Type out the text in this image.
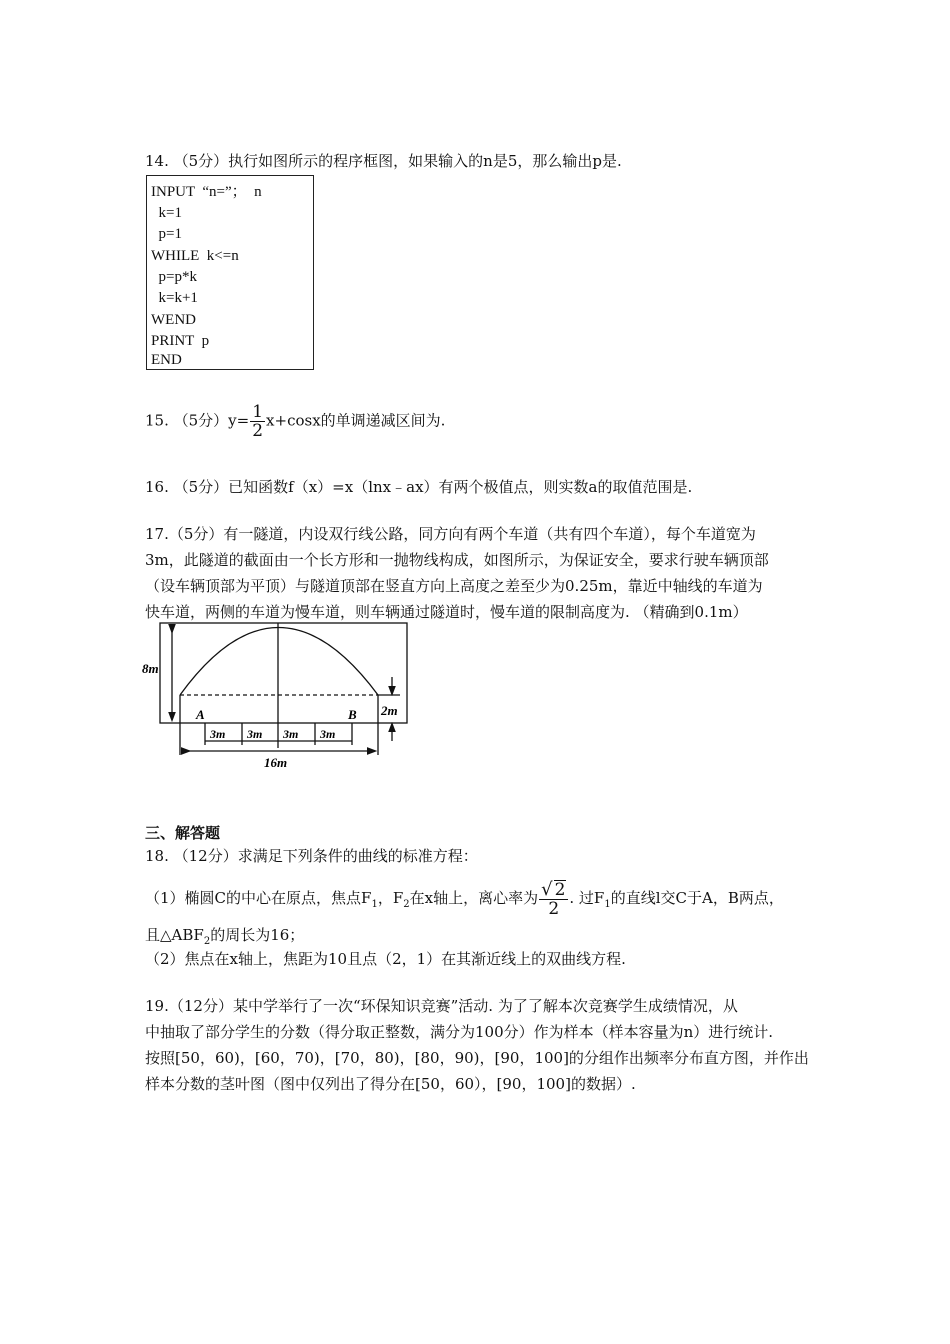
14. （5分）执行如图所示的程序框图，如果输入的n是5，那么输出p是.
INPUT  “n=”；  n
k=1
p=1
WHILE  k<=n
p=p*k
k=k+1
WEND
PRINT  p
END
15. （5分）$y= \frac{1}{2} x+\cos x$的单调递减区间为.
16. （5分）已知函数f（x）=x（lnx﹣ax）有两个极值点，则实数a的取值范围是.
17.（5分）有一隧道，内设双行线公路，同方向有两个车道（共有四个车道），每个车道宽为
3m，此隧道的截面由一个长方形和一抛物线构成，如图所示，为保证安全，要求行驶车辆顶部
（设车辆顶部为平顶）与隧道顶部在竖直方向上高度之差至少为0.25m，靠近中轴线的车道为
快车道，两侧的车道为慢车道，则车辆通过隧道时，慢车道的限制高度为. （精确到0.1m）
8m
A	B 2m
3m 3m 3m 3m
16m
三、解答题
18. （12分）求满足下列条件的曲线的标准方程：
（1）椭圆C的中心在原点，焦点$F_1$，$F_2$在x轴上，离心率为 $\frac{√ 2}{2}$ . 过$F_1$的直线l交C于A，B两点，
且$\triangle ABF_2$的周长为16；
（2）焦点在x轴上，焦距为10且点（2，1）在其渐近线上的双曲线方程.
19.（12分）某中学举行了一次“环保知识竞赛”活动. 为了了解本次竞赛学生成绩情况，从
中抽取了部分学生的分数（得分取正整数，满分为100分）作为样本（样本容量为n）进行统计.
按照[50，60)，[60，70)，[70，80)，[80，90)，[90，100]的分组作出频率分布直方图，并作出
样本分数的茎叶图（图中仅列出了得分在[50，60），[90，100]的数据）.
